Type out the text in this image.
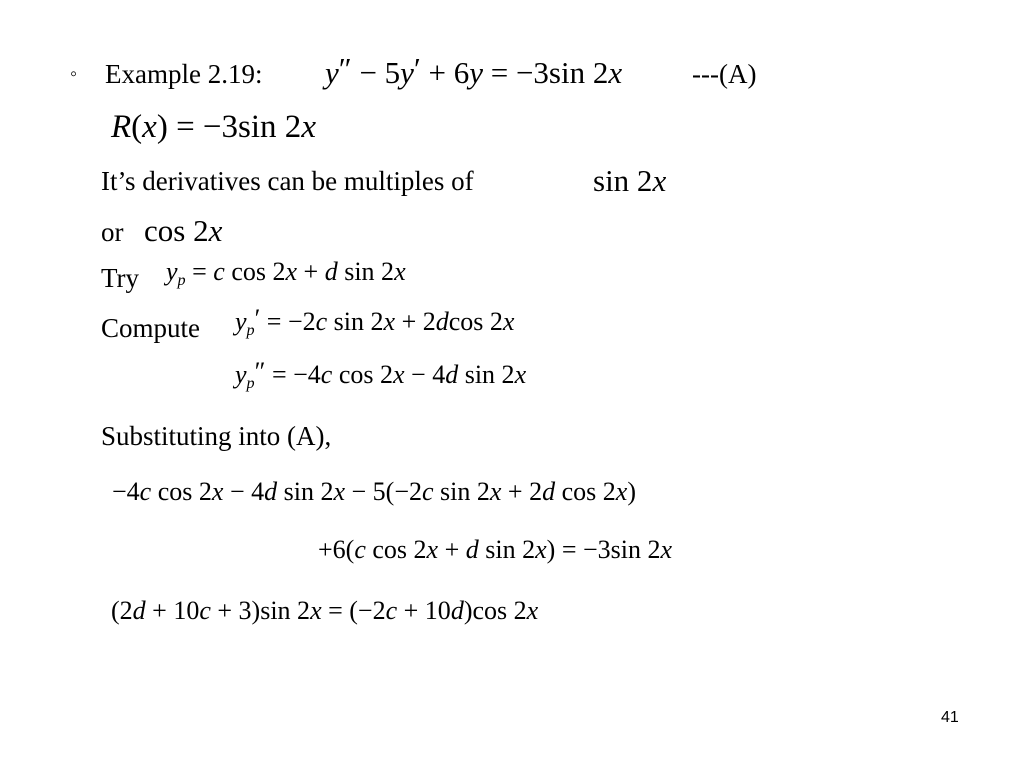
◦ Example 2.19: y″ − 5y′ + 6y = −3sin 2x	---(A)
R(x) = −3sin 2x
It’s derivatives can be multiples of	sin 2x
or cos 2x
Try yp = c cos 2x + d sin 2x
Compute yp′ = −2c sin 2x + 2dcos 2x
yp″ = −4c cos 2x − 4d sin 2x
Substituting into (A),
−4c cos 2x − 4d sin 2x − 5(−2c sin 2x + 2d cos 2x)
+6(c cos 2x + d sin 2x) = −3sin 2x
(2d + 10c + 3)sin 2x = (−2c + 10d)cos 2x
41
